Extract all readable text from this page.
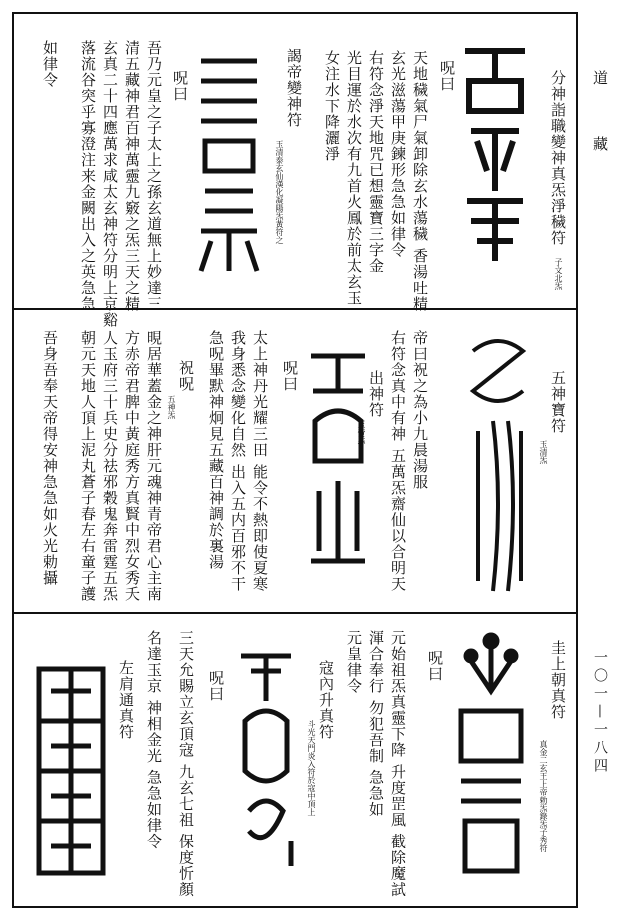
道　藏
一〇一—一八四
分神詣職變神真炁淨穢符
子文北炁
呪曰
天地穢氣尸氣卸除玄水蕩穢 香湯吐精
玄光滋蕩甲庚鍊形急急如律令
右符念淨天地咒已想靈寶三字金
光目運於水次有九首火鳳於前太玄玉
女注水下降灑淨
謁帝變神符
玉清泰玄仙漢化凝陽炁黃符之
呪曰
吾乃元皇之子太上之孫玄道無上妙達三
清五藏神君百神萬靈九竅之炁三天之精
玄真二十四應萬求咸太玄神符分明上京谿
落流谷突乎寡澄注来金闕出入之英急急
如律令
五神寶符
玉清炁
帝曰祝之為小九晨湯服
右符念真中有神 五萬炁齋仙以合明天
出神符
玉帝炁
呪曰
太上神丹光耀三田 能令不熱即使夏寒
我身悉念變化自然 出入五内百邪不干
急呪畢默神炯見五藏百神調於裏湯
祝呪
五神炁
晛居華蓋金之神肝元魂神青帝君心主南
方赤帝君脾中黃庭秀方真賢中烈女秀夭
人玉府三十兵史分祛邪穀鬼奔雷霆五炁
朝元天地人頂上泥丸蒼子春左右童子護
吾身吾奉天帝得安神急急如火光勅攝
圭上朝真符
真金二玄王上帝勅炁錄炁子秀符
呪曰
元始祖炁真靈下降 升度罡風 截除魔試
渾合奉行 勿犯吾制 急急如
元皇律令
寇內升真符
斗光天門炎入符於寇中頂上
呪曰
三天允賜立玄頂寇 九玄七祖 保度忻顏
名達玉京 神相金光 急急如律令
左肩通真符
